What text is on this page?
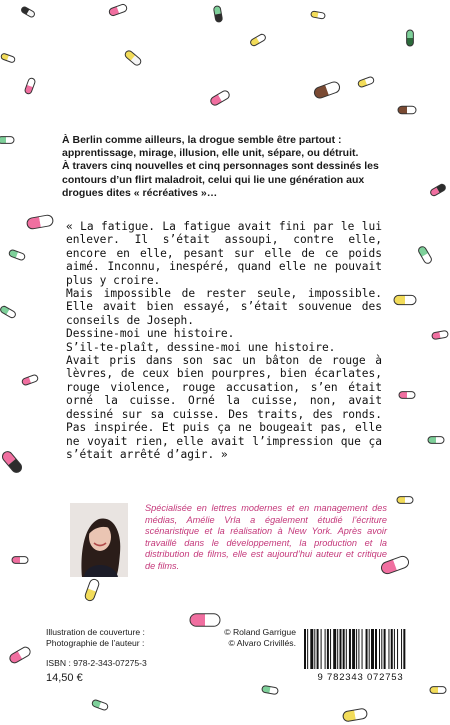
À Berlin comme ailleurs, la drogue semble être partout : apprentissage, mirage, illusion, elle unit, sépare, ou détruit.

À travers cinq nouvelles et cinq personnages sont dessinés les contours d’un flirt maladroit, celui qui lie une génération aux drogues dites « récréatives »…

« La fatigue. La fatigue avait fini par le lui enlever. Il s’était assoupi, contre elle, encore en elle, pesant sur elle de ce poids aimé. Inconnu, inespéré, quand elle ne pouvait plus y croire.

Mais impossible de rester seule, impossible. Elle avait bien essayé, s’était souvenue des conseils de Joseph.

Dessine-moi une histoire.

S’il-te-plaît, dessine-moi une histoire.

Avait pris dans son sac un bâton de rouge à lèvres, de ceux bien pourpres, bien écarlates, rouge violence, rouge accusation, s’en était orné la cuisse. Orné la cuisse, non, avait dessiné sur sa cuisse. Des traits, des ronds. Pas inspirée. Et puis ça ne bougeait pas, elle ne voyait rien, elle avait l’impression que ça s’était arrêté d’agir. »

Spécialisée en lettres modernes et en management des médias, Amélie Vrla a également étudié l’écriture scénaristique et la réalisation à New York. Après avoir travaillé dans le développement, la production et la distribution de films, elle est aujourd’hui auteur et critique de films.
Illustration de couverture :	© Roland Garrigue
Photographie de l’auteur :	© Alvaro Crivillés.
ISBN : 978-2-343-07275-3
14,50 €	9 782343 072753
